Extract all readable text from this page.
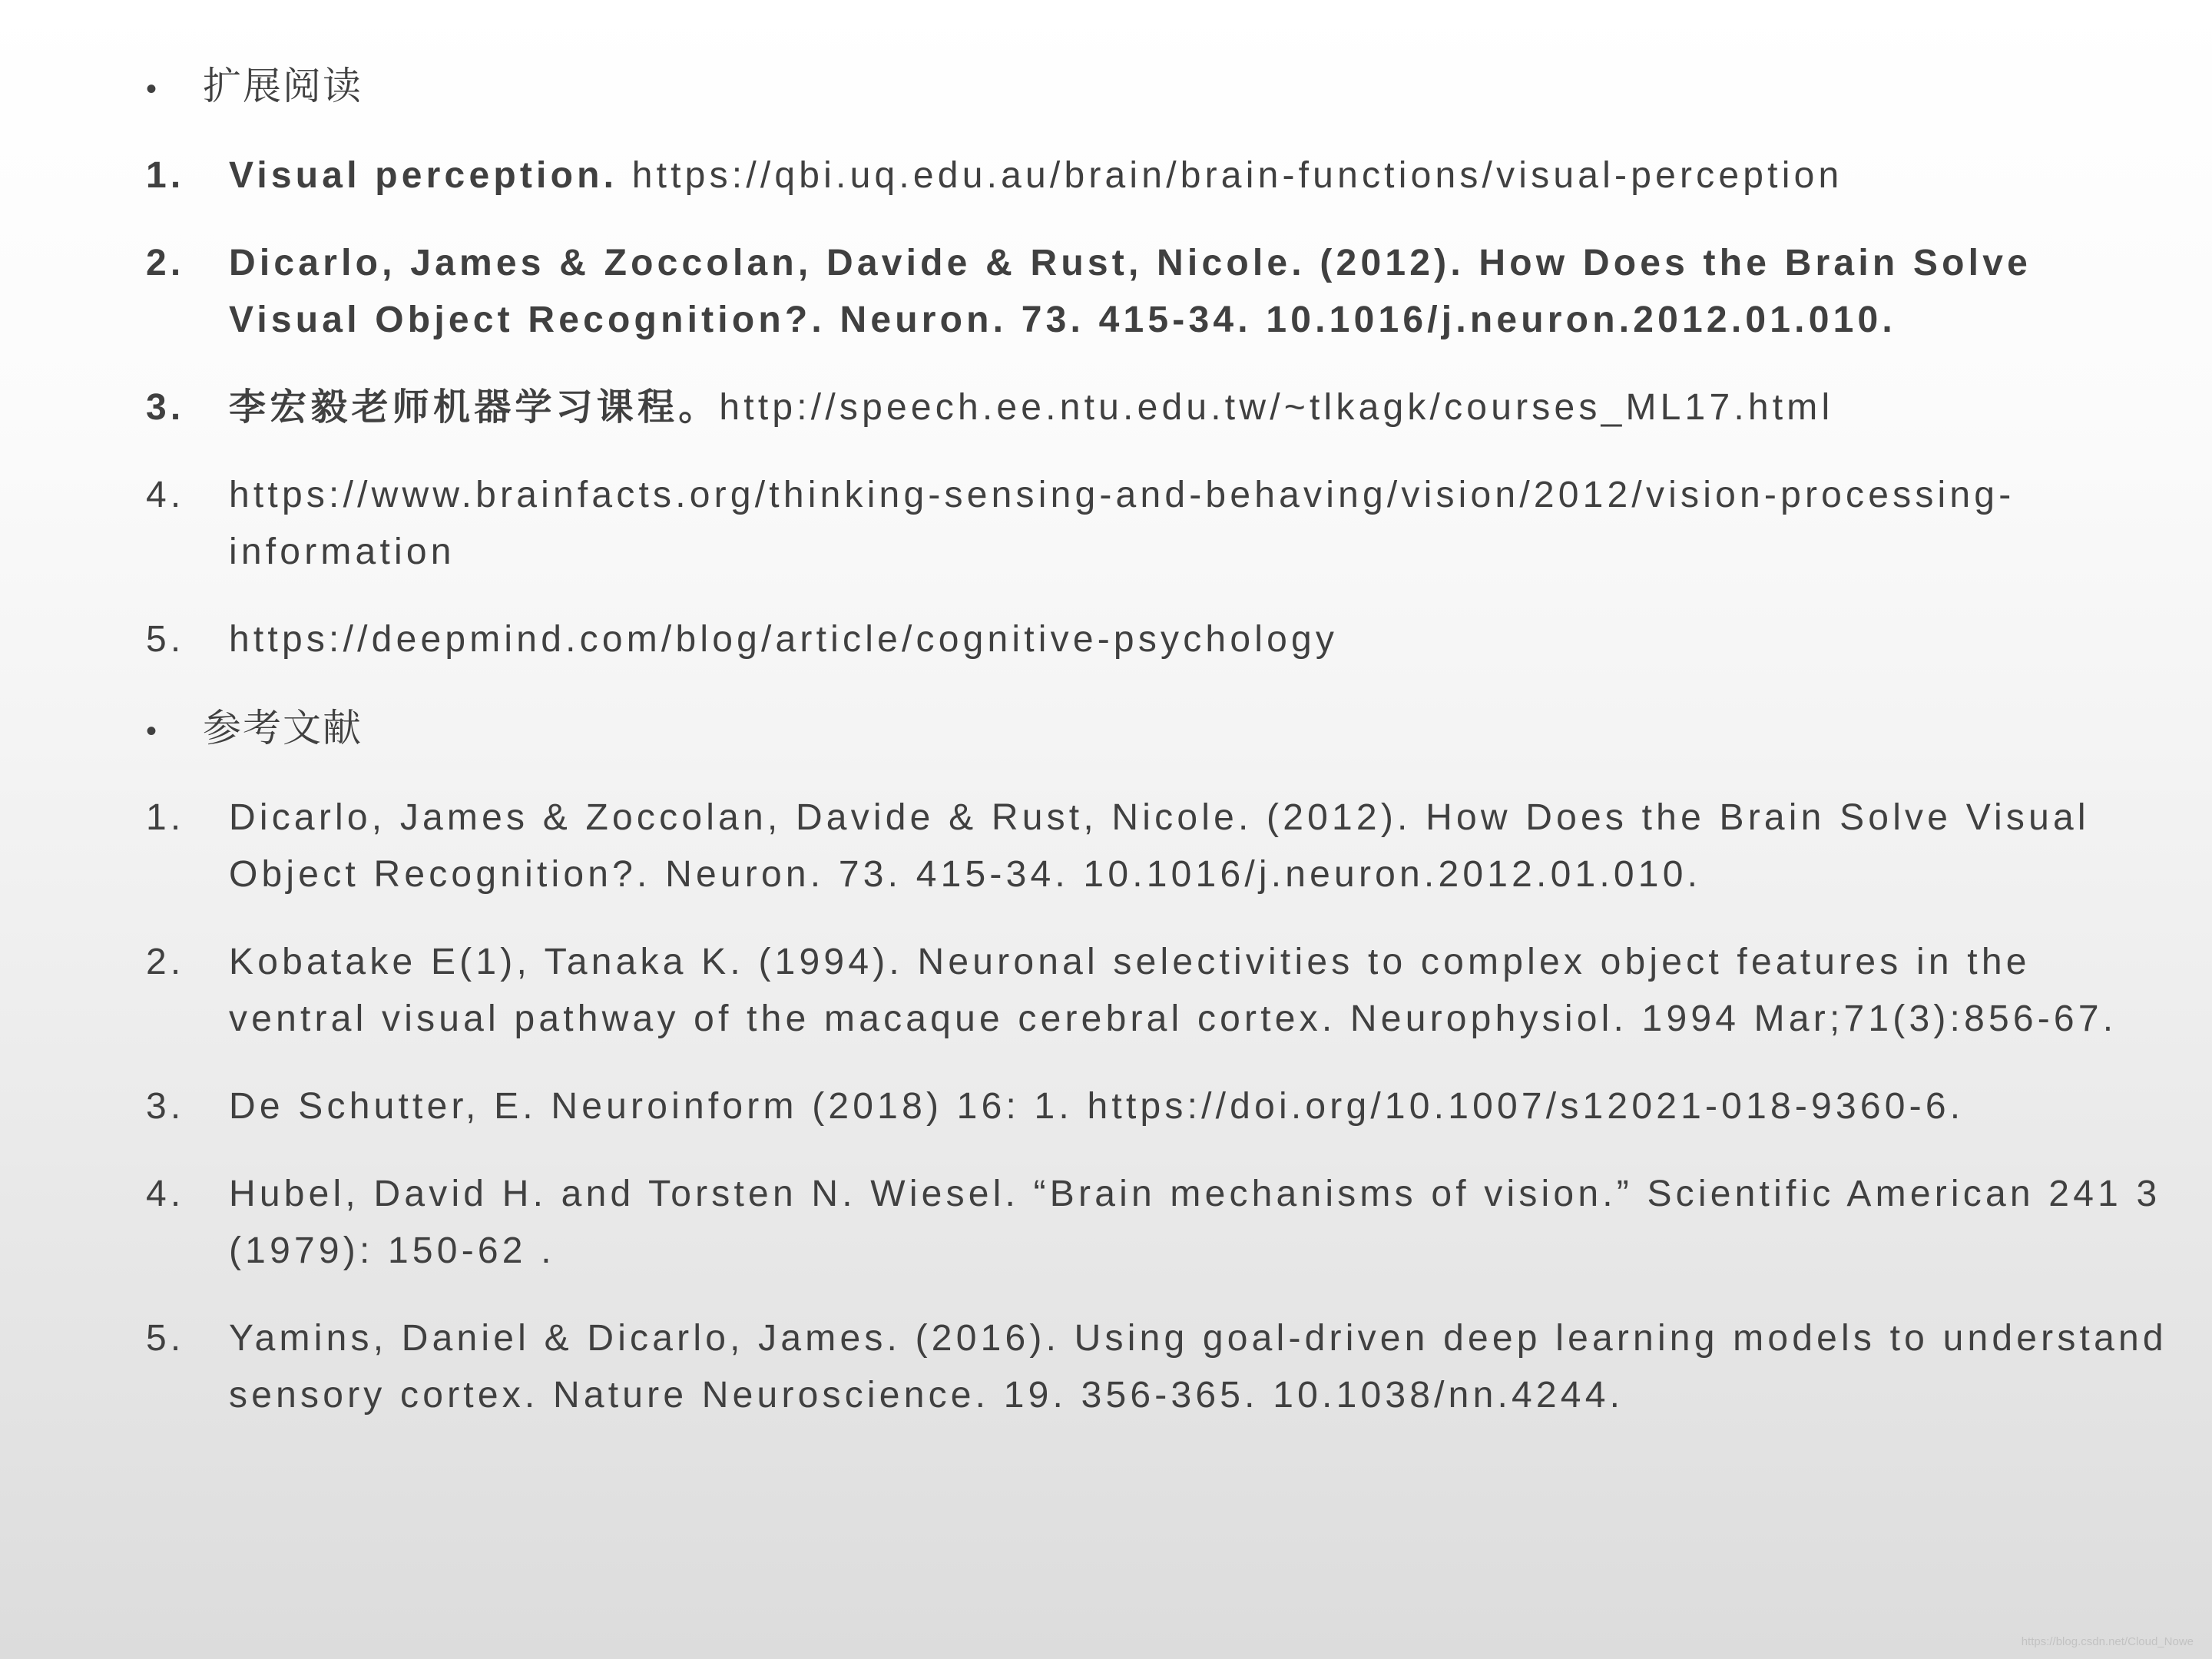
•	扩展阅读
1.	Visual perception. https://qbi.uq.edu.au/brain/brain-functions/visual-perception
2.	Dicarlo, James & Zoccolan, Davide & Rust, Nicole. (2012). How Does the Brain Solve Visual Object Recognition?. Neuron. 73. 415-34. 10.1016/j.neuron.2012.01.010.
3.	李宏毅老师机器学习课程。http://speech.ee.ntu.edu.tw/~tlkagk/courses_ML17.html
4.	https://www.brainfacts.org/thinking-sensing-and-behaving/vision/2012/vision-processing-information
5.	https://deepmind.com/blog/article/cognitive-psychology
•	参考文献
1.	Dicarlo, James & Zoccolan, Davide & Rust, Nicole. (2012). How Does the Brain Solve Visual Object Recognition?. Neuron. 73. 415-34. 10.1016/j.neuron.2012.01.010.
2.	Kobatake E(1), Tanaka K. (1994). Neuronal selectivities to complex object features in the ventral visual pathway of the macaque cerebral cortex. Neurophysiol. 1994 Mar;71(3):856-67.
3.	De Schutter, E. Neuroinform (2018) 16: 1. https://doi.org/10.1007/s12021-018-9360-6.
4.	Hubel, David H. and Torsten N. Wiesel. “Brain mechanisms of vision.” Scientific American 241 3 (1979): 150-62 .
5.	Yamins, Daniel & Dicarlo, James. (2016). Using goal-driven deep learning models to understand sensory cortex. Nature Neuroscience. 19. 356-365. 10.1038/nn.4244.
https://blog.csdn.net/Cloud_Nowe
